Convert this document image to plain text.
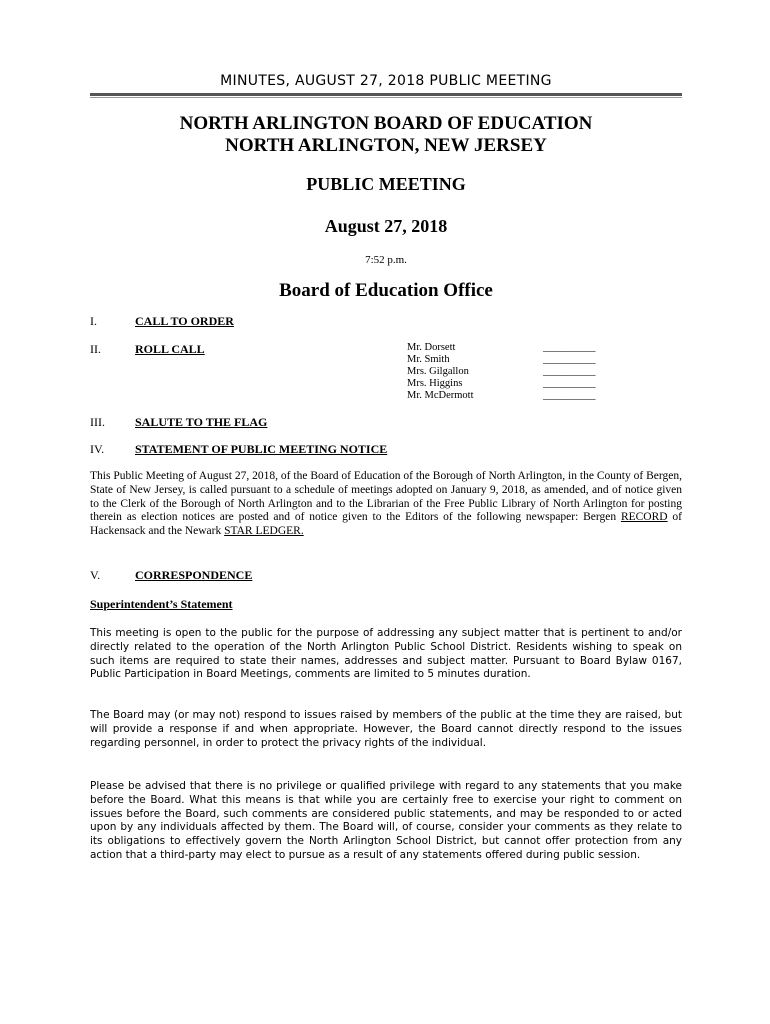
MINUTES, AUGUST 27, 2018 PUBLIC MEETING
NORTH ARLINGTON BOARD OF EDUCATION
NORTH ARLINGTON, NEW JERSEY
PUBLIC MEETING
August 27, 2018
7:52 p.m.
Board of Education Office
I.	CALL TO ORDER
II.	ROLL CALL	Mr. Dorsett	__________
Mr. Smith	__________
Mrs. Gilgallon	__________
Mrs. Higgins	__________
Mr. McDermott	__________
III.	SALUTE TO THE FLAG
IV.	STATEMENT OF PUBLIC MEETING NOTICE
This Public Meeting of August 27, 2018, of the Board of Education of the Borough of North Arlington, in the County of Bergen, State of New Jersey, is called pursuant to a schedule of meetings adopted on January 9, 2018, as amended, and of notice given to the Clerk of the Borough of North Arlington and to the Librarian of the Free Public Library of North Arlington for posting therein as election notices are posted and of notice given to the Editors of the following newspaper: Bergen RECORD of Hackensack and the Newark STAR LEDGER.
V.	CORRESPONDENCE
Superintendent’s Statement
This meeting is open to the public for the purpose of addressing any subject matter that is pertinent to and/or directly related to the operation of the North Arlington Public School District. Residents wishing to speak on such items are required to state their names, addresses and subject matter. Pursuant to Board Bylaw 0167, Public Participation in Board Meetings, comments are limited to 5 minutes duration.
The Board may (or may not) respond to issues raised by members of the public at the time they are raised, but will provide a response if and when appropriate. However, the Board cannot directly respond to the issues regarding personnel, in order to protect the privacy rights of the individual.
Please be advised that there is no privilege or qualified privilege with regard to any statements that you make before the Board. What this means is that while you are certainly free to exercise your right to comment on issues before the Board, such comments are considered public statements, and may be responded to or acted upon by any individuals affected by them. The Board will, of course, consider your comments as they relate to its obligations to effectively govern the North Arlington School District, but cannot offer protection from any action that a third-party may elect to pursue as a result of any statements offered during public session.
